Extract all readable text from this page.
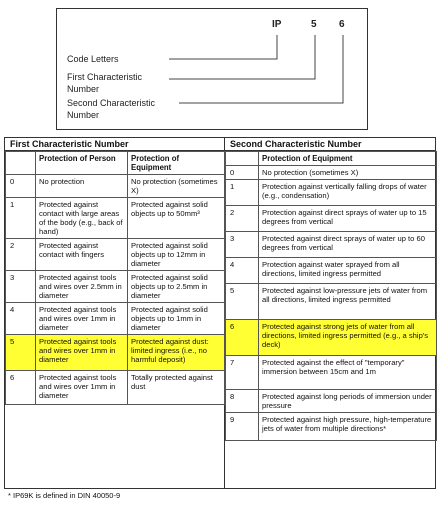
IP	5 6
Code Letters
First Characteristic
Number
Second Characteristic
Number
First Characteristic Number
	Protection of Person	Protection of Equipment
0	No protection	No protection (sometimes X)
1	Protected against contact with large areas of the body (e.g., back of hand)	Protected against solid objects up to 50mm³
2	Protected against contact with fingers	Protected against solid objects up to 12mm in diameter
3	Protected against tools and wires over 2.5mm in diameter	Protected against solid objects up to 2.5mm in diameter
4	Protected against tools and wires over 1mm in diameter	Protected against solid objects up to 1mm in diameter
5	Protected against tools and wires over 1mm in diameter	Protected against dust: limited ingress (i.e., no harmful deposit)
6	Protected against tools and wires over 1mm in diameter	Totally protected against dust
Second Characteristic Number
	Protection of Equipment
0	No protection (sometimes X)
1	Protection against vertically falling drops of water (e.g., condensation)
2	Protection against direct sprays of water up to 15 degrees from vertical
3	Protected against direct sprays of water up to 60 degrees from vertical
4	Protection against water sprayed from all directions, limited ingress permitted
5	Protected against low-pressure jets of water from all directions, limited ingress permitted
6	Protected against strong jets of water from all directions, limited ingress permitted (e.g., a ship's deck)
7	Protected against the effect of "temporary" immersion between 15cm and 1m
8	Protected against long periods of immersion under pressure
9	Protected against high pressure, high-temperature jets of water from multiple directions*
* IP69K is defined in DIN 40050-9
